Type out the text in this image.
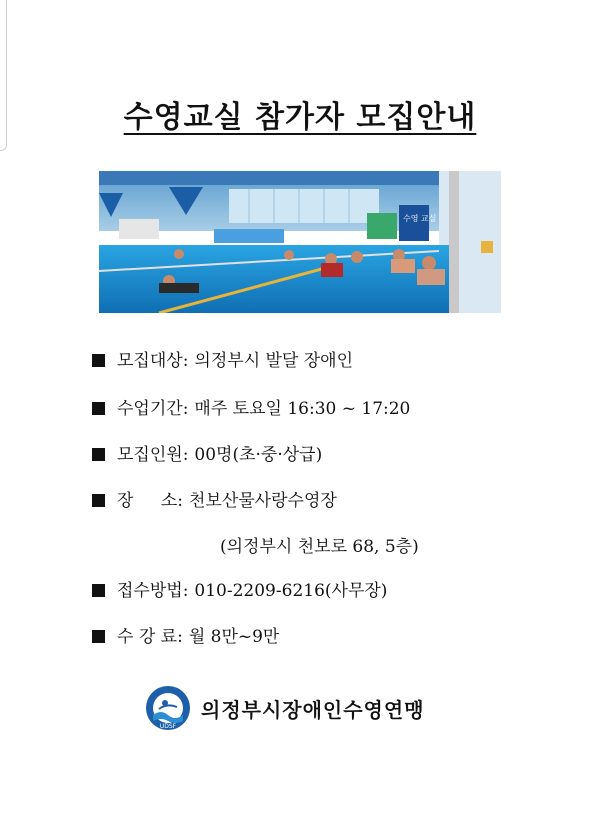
수영교실 참가자 모집안내
수영 교실
모집대상: 의정부시 발달 장애인
수업기간: 매주 토요일 16:30 ~ 17:20
모집인원: 00명(초·중·상급)
장 소: 천보산물사랑수영장
(의정부시 천보로 68, 5층)
접수방법: 010-2209-6216(사무장)
수 강 료: 월 8만~9만
UDSF
의정부시장애인수영연맹
